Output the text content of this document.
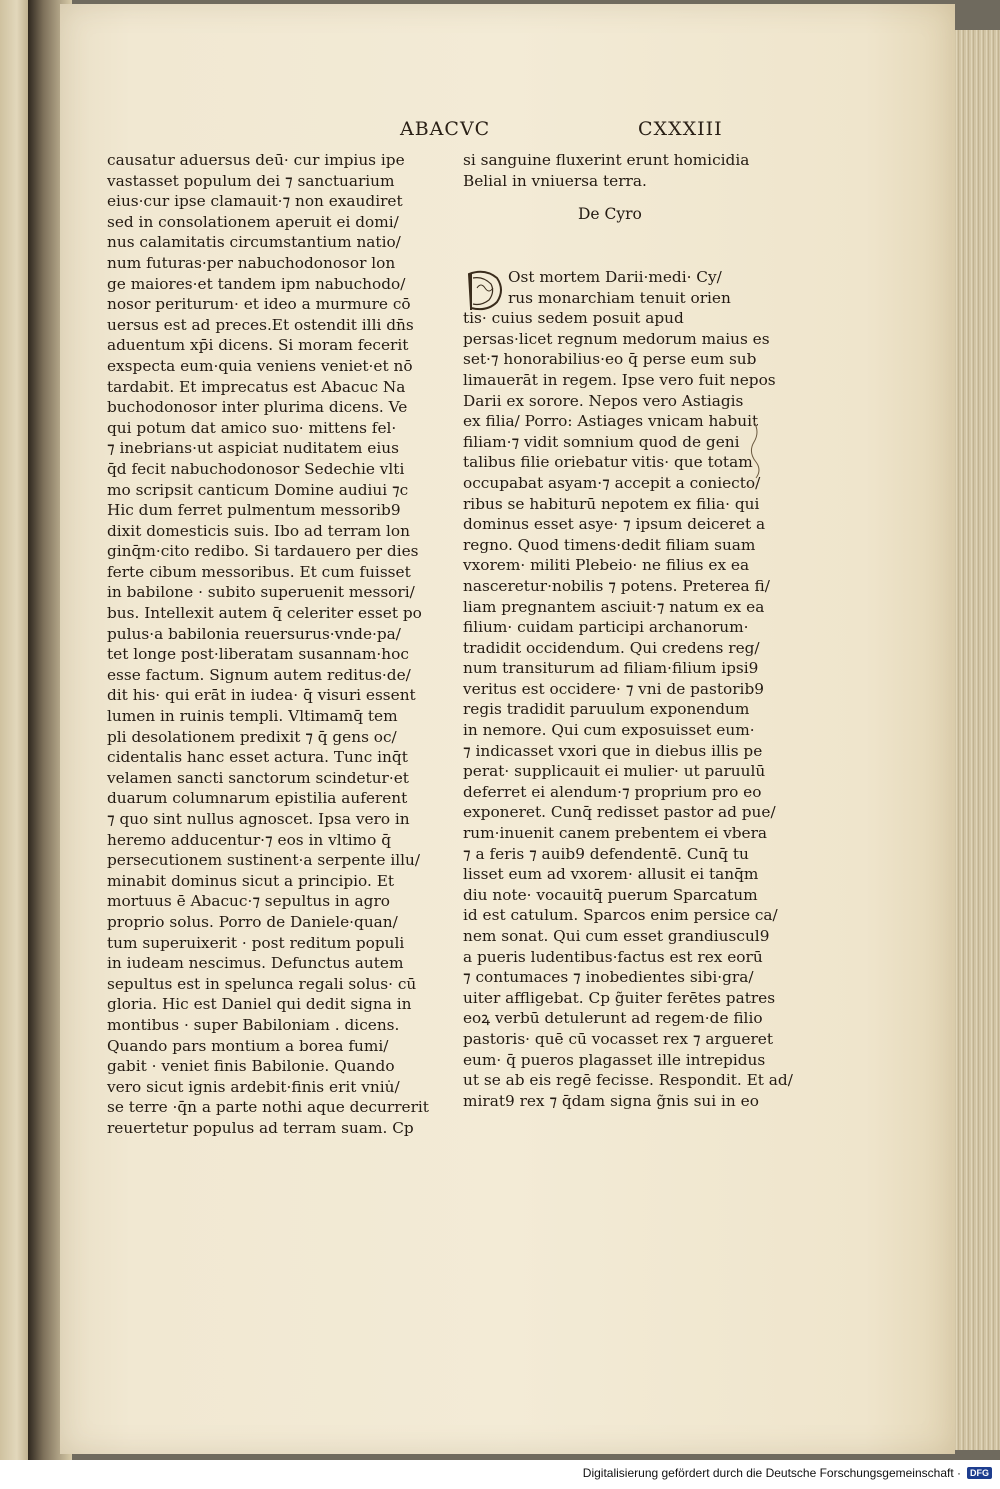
ABACVC	CXXXIII
causatur aduersus deū· cur impius ipe
vastasset populum dei ⁊ sanctuarium
eius·cur ipse clamauit·⁊ non exaudiret
sed in consolationem aperuit ei domi/
nus calamitatis circumstantium natio/
num futuras·per nabuchodonosor lon
ge maiores·et tandem ipm nabuchodo/
nosor periturum· et ideo a murmure cō
uersus est ad preces.Et ostendit illi dn̄s
aduentum xp̄i dicens. Si moram fecerit
exspecta eum·quia veniens veniet·et nō
tardabit. Et imprecatus est Abacuc Na
buchodonosor inter plurima dicens. Ve
qui potum dat amico suo· mittens fel·
⁊ inebrians·ut aspiciat nuditatem eius
q̄d fecit nabuchodonosor Sedechie vlti
mo scripsit canticum Domine audiui ⁊c
Hic dum ferret pulmentum messorib9
dixit domesticis suis. Ibo ad terram lon
ginq̄m·cito redibo. Si tardauero per dies
ferte cibum messoribus. Et cum fuisset
in babilone · subito superuenit messori/
bus. Intellexit autem q̄ celeriter esset po
pulus·a babilonia reuersurus·vnde·pa/
tet longe post·liberatam susannam·hoc
esse factum. Signum autem reditus·de/
dit his· qui erāt in iudea· q̄ visuri essent
lumen in ruinis templi. Vltimamq̄ tem
pli desolationem predixit ⁊ q̄ gens oc/
cidentalis hanc esset actura. Tunc inq̄t
velamen sancti sanctorum scindetur·et
duarum columnarum epistilia auferent
⁊ quo sint nullus agnoscet. Ipsa vero in
heremo adducentur·⁊ eos in vltimo q̄
persecutionem sustinent·a serpente illu/
minabit dominus sicut a principio. Et
mortuus ē Abacuc·⁊ sepultus in agro
proprio solus. Porro de Daniele·quan/
tum superuixerit · post reditum populi
in iudeam nescimus. Defunctus autem
sepultus est in spelunca regali solus· cū
gloria. Hic est Daniel qui dedit signa in
montibus · super Babiloniam . dicens.
Quando pars montium a borea fumi/
gabit · veniet finis Babilonie. Quando
vero sicut ignis ardebit·finis erit vniu̇/
se terre ·q̄n a parte nothi aque decurrerit
reuertetur populus ad terram suam. Cp
si sanguine fluxerint erunt homicidia
Belial in vniuersa terra.
De Cyro
Ost mortem Darii·medi· Cy/
rus monarchiam tenuit orien
tis· cuius sedem posuit apud
persas·licet regnum medorum maius es
set·⁊ honorabilius·eo q̄ perse eum sub
limauerāt in regem. Ipse vero fuit nepos
Darii ex sorore. Nepos vero Astiagis
ex filia/ Porro: Astiages vnicam habuit
filiam·⁊ vidit somnium quod de geni
talibus filie oriebatur vitis· que totam
occupabat asyam·⁊ accepit a coniecto/
ribus se habiturū nepotem ex filia· qui
dominus esset asye· ⁊ ipsum deiceret a
regno. Quod timens·dedit filiam suam
vxorem· militi Plebeio· ne filius ex ea
nasceretur·nobilis ⁊ potens. Preterea fi/
liam pregnantem asciuit·⁊ natum ex ea
filium· cuidam participi archanorum·
tradidit occidendum. Qui credens reg/
num transiturum ad filiam·filium ipsi9
veritus est occidere· ⁊ vni de pastorib9
regis tradidit paruulum exponendum
in nemore. Qui cum exposuisset eum·
⁊ indicasset vxori que in diebus illis pe
perat· supplicauit ei mulier· ut paruulū
deferret ei alendum·⁊ proprium pro eo
exponeret. Cunq̄ redisset pastor ad pue/
rum·inuenit canem prebentem ei vbera
⁊ a feris ⁊ auib9 defendentē. Cunq̄ tu
lisset eum ad vxorem· allusit ei tanq̄m
diu note· vocauitq̄ puerum Sparcatum
id est catulum. Sparcos enim persice ca/
nem sonat. Qui cum esset grandiuscul9
a pueris ludentibus·factus est rex eorū
⁊ contumaces ⁊ inobedientes sibi·gra/
uiter affligebat. Cp g̃uiter ferētes patres
eoꝝ verbū detulerunt ad regem·de filio
pastoris· quē cū vocasset rex ⁊ argueret
eum· q̄ pueros plagasset ille intrepidus
ut se ab eis regē fecisse. Respondit. Et ad/
mirat9 rex ⁊ q̄dam signa g̃nis sui in eo
Digitalisierung gefördert durch die Deutsche Forschungsgemeinschaft ·	DFG
